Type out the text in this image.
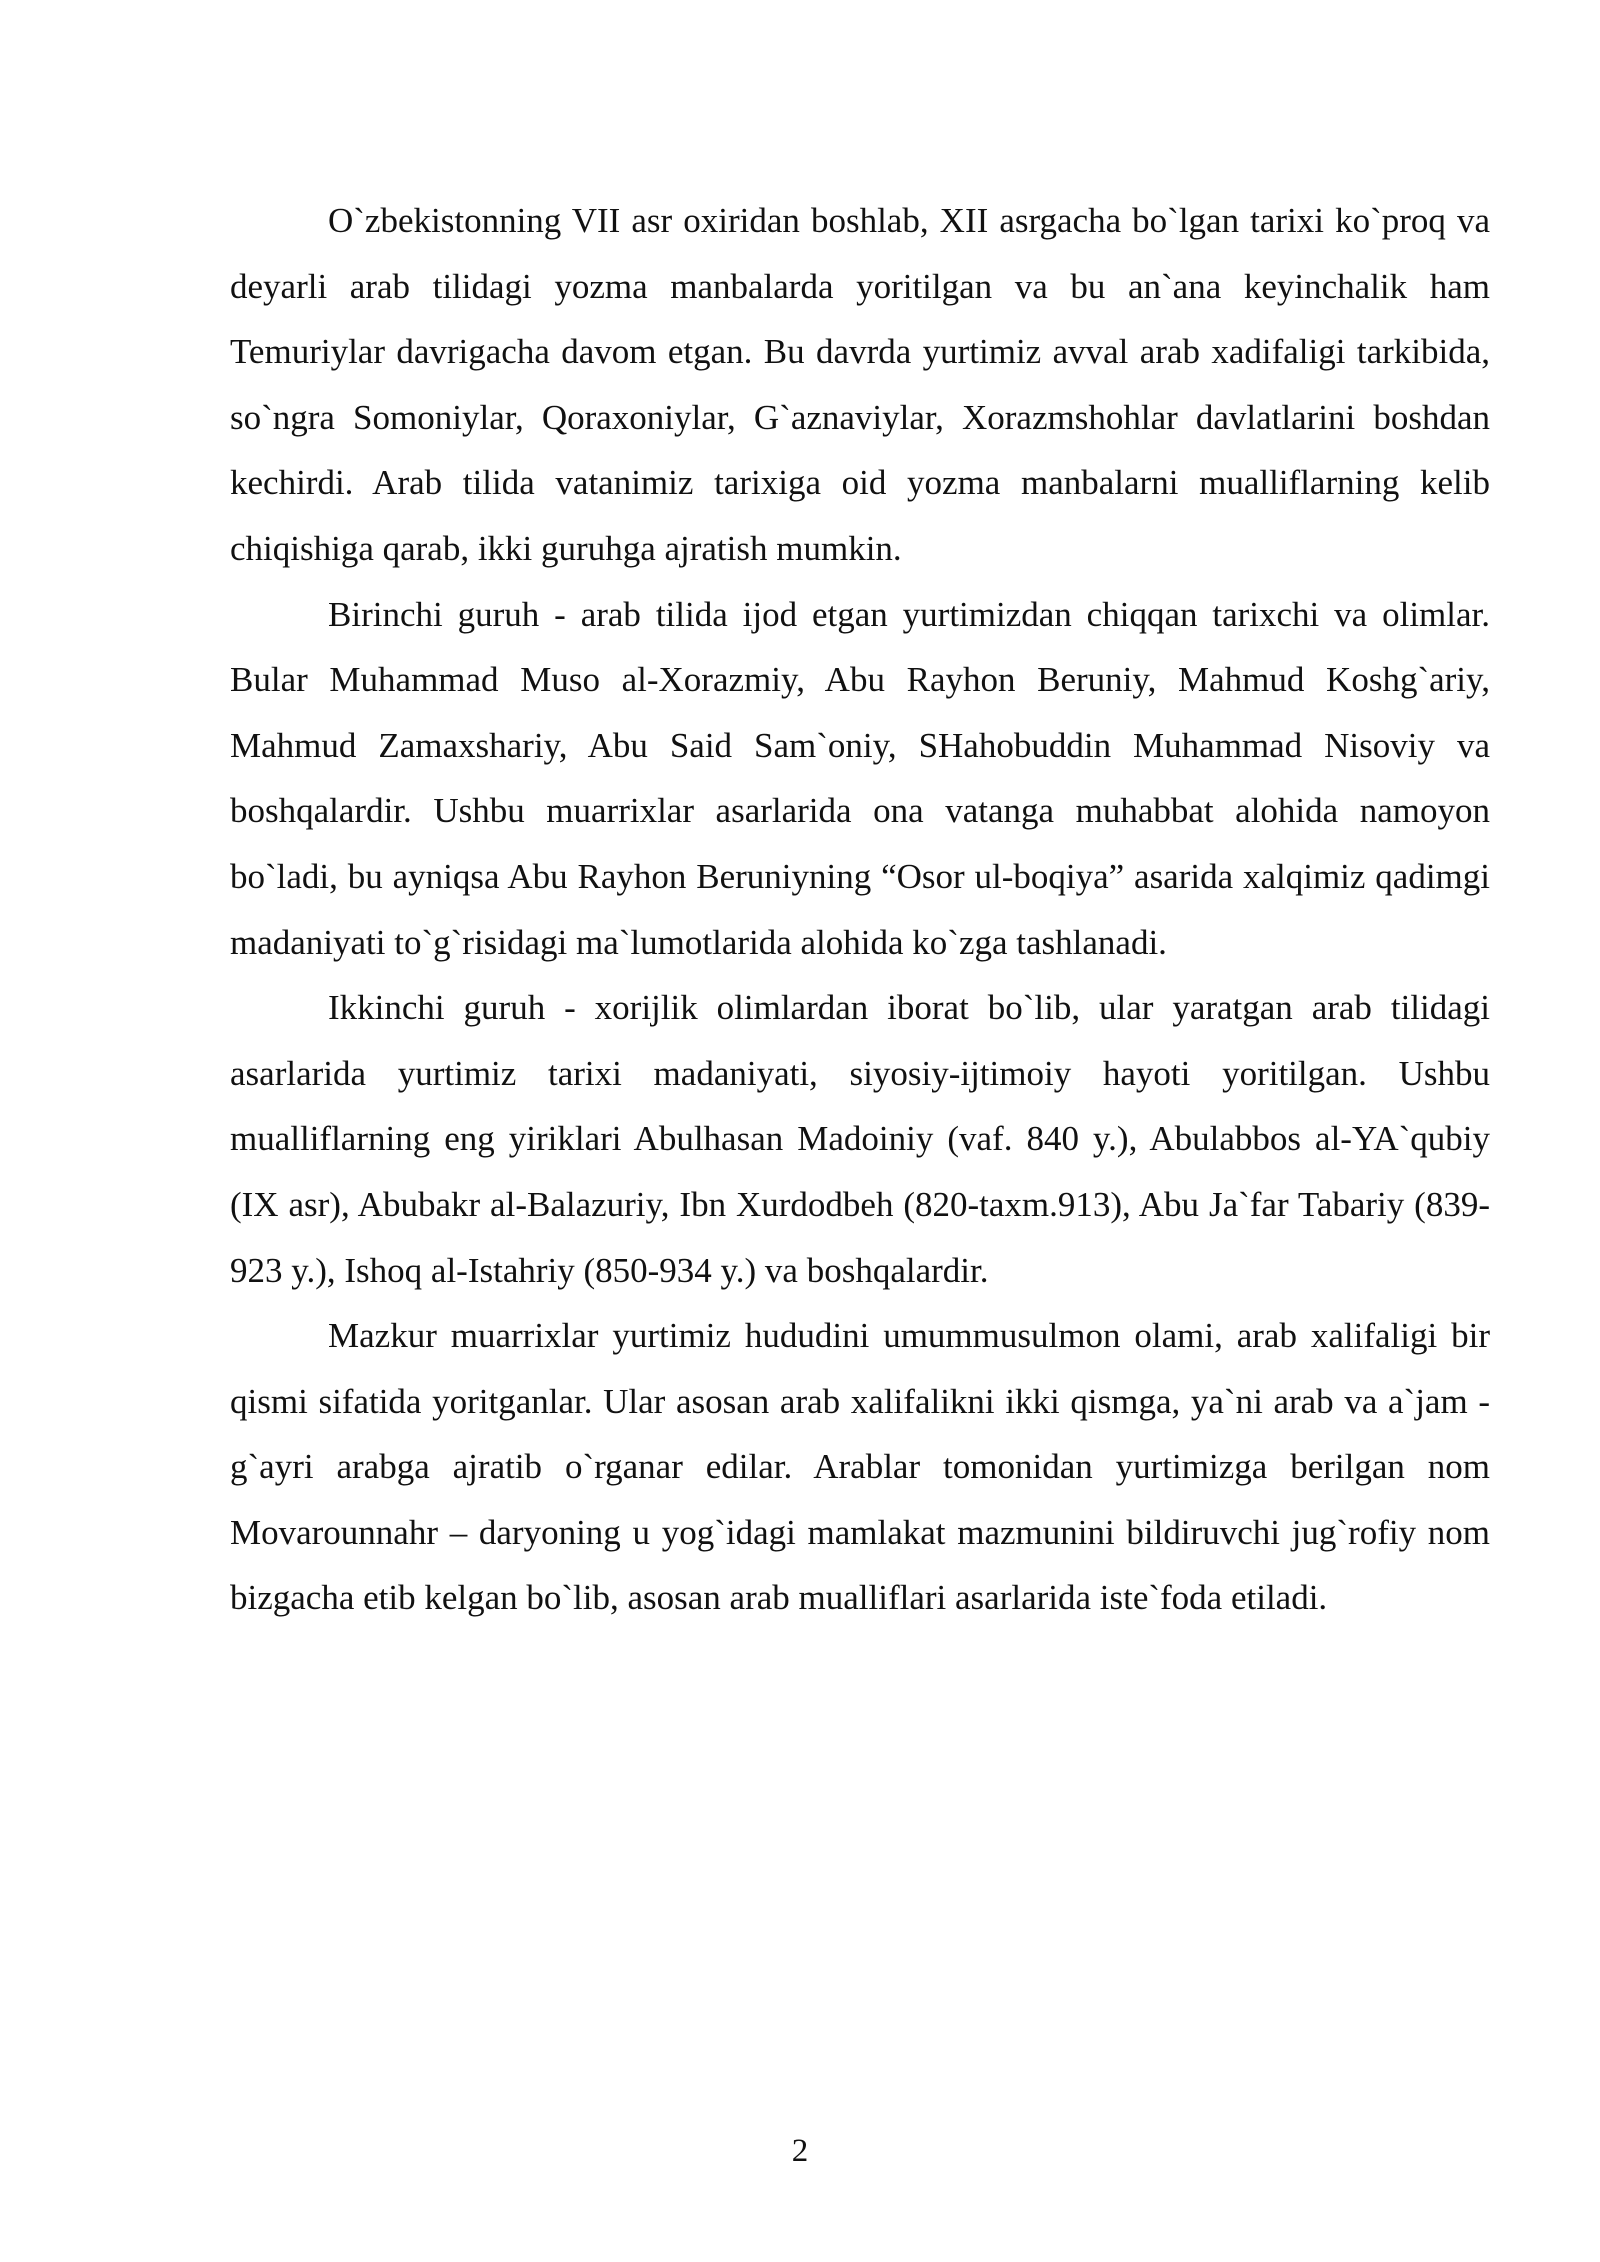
O`zbekistonning VII asr oxiridan boshlab, XII asrgacha bo`lgan tarixi ko`proq va deyarli arab tilidagi yozma manbalarda yoritilgan va bu an`ana keyinchalik ham Temuriylar davrigacha davom etgan. Bu davrda yurtimiz avval arab xadifaligi tarkibida, so`ngra Somoniylar, Qoraxoniylar, G`aznaviylar, Xorazmshohlar davlatlarini boshdan kechirdi. Arab tilida vatanimiz tarixiga oid yozma manbalarni mualliflarning kelib chiqishiga qarab, ikki guruhga ajratish mumkin.

Birinchi guruh - arab tilida ijod etgan yurtimizdan chiqqan tarixchi va olimlar. Bular Muhammad Muso al-Xorazmiy, Abu Rayhon Beruniy, Mahmud Koshg`ariy, Mahmud Zamaxshariy, Abu Said Sam`oniy, SHahobuddin Muhammad Nisoviy va boshqalardir. Ushbu muarrixlar asarlarida ona vatanga muhabbat alohida namoyon bo`ladi, bu ayniqsa Abu Rayhon Beruniyning “Osor ul-boqiya” asarida xalqimiz qadimgi madaniyati to`g`risidagi ma`lumotlarida alohida ko`zga tashlanadi.

Ikkinchi guruh - xorijlik olimlardan iborat bo`lib, ular yaratgan arab tilidagi asarlarida yurtimiz tarixi madaniyati, siyosiy-ijtimoiy hayoti yoritilgan. Ushbu mualliflarning eng yiriklari Abulhasan Madoiniy (vaf. 840 y.), Abulabbos al-YA`qubiy (IX asr), Abubakr al-Balazuriy, Ibn Xurdodbeh (820-taxm.913), Abu Ja`far Tabariy (839-923 y.), Ishoq al-Istahriy (850-934 y.) va boshqalardir.

Mazkur muarrixlar yurtimiz hududini umummusulmon olami, arab xalifaligi bir qismi sifatida yoritganlar. Ular asosan arab xalifalikni ikki qismga, ya`ni arab va a`jam - g`ayri arabga ajratib o`rganar edilar. Arablar tomonidan yurtimizga berilgan nom Movarounnahr – daryoning u yog`idagi mamlakat mazmunini bildiruvchi jug`rofiy nom bizgacha etib kelgan bo`lib, asosan arab mualliflari asarlarida iste`foda etiladi.

2
